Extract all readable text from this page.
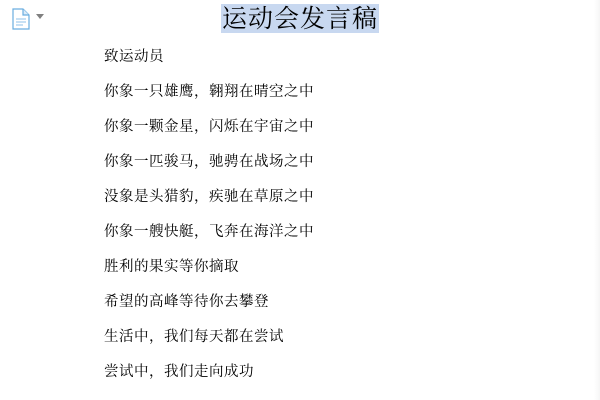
运动会发言稿
致运动员
你象一只雄鹰，翱翔在晴空之中
你象一颗金星，闪烁在宇宙之中
你象一匹骏马，驰骋在战场之中
没象是头猎豹，疾驰在草原之中
你象一艘快艇，飞奔在海洋之中
胜利的果实等你摘取
希望的高峰等待你去攀登
生活中，我们每天都在尝试
尝试中，我们走向成功
